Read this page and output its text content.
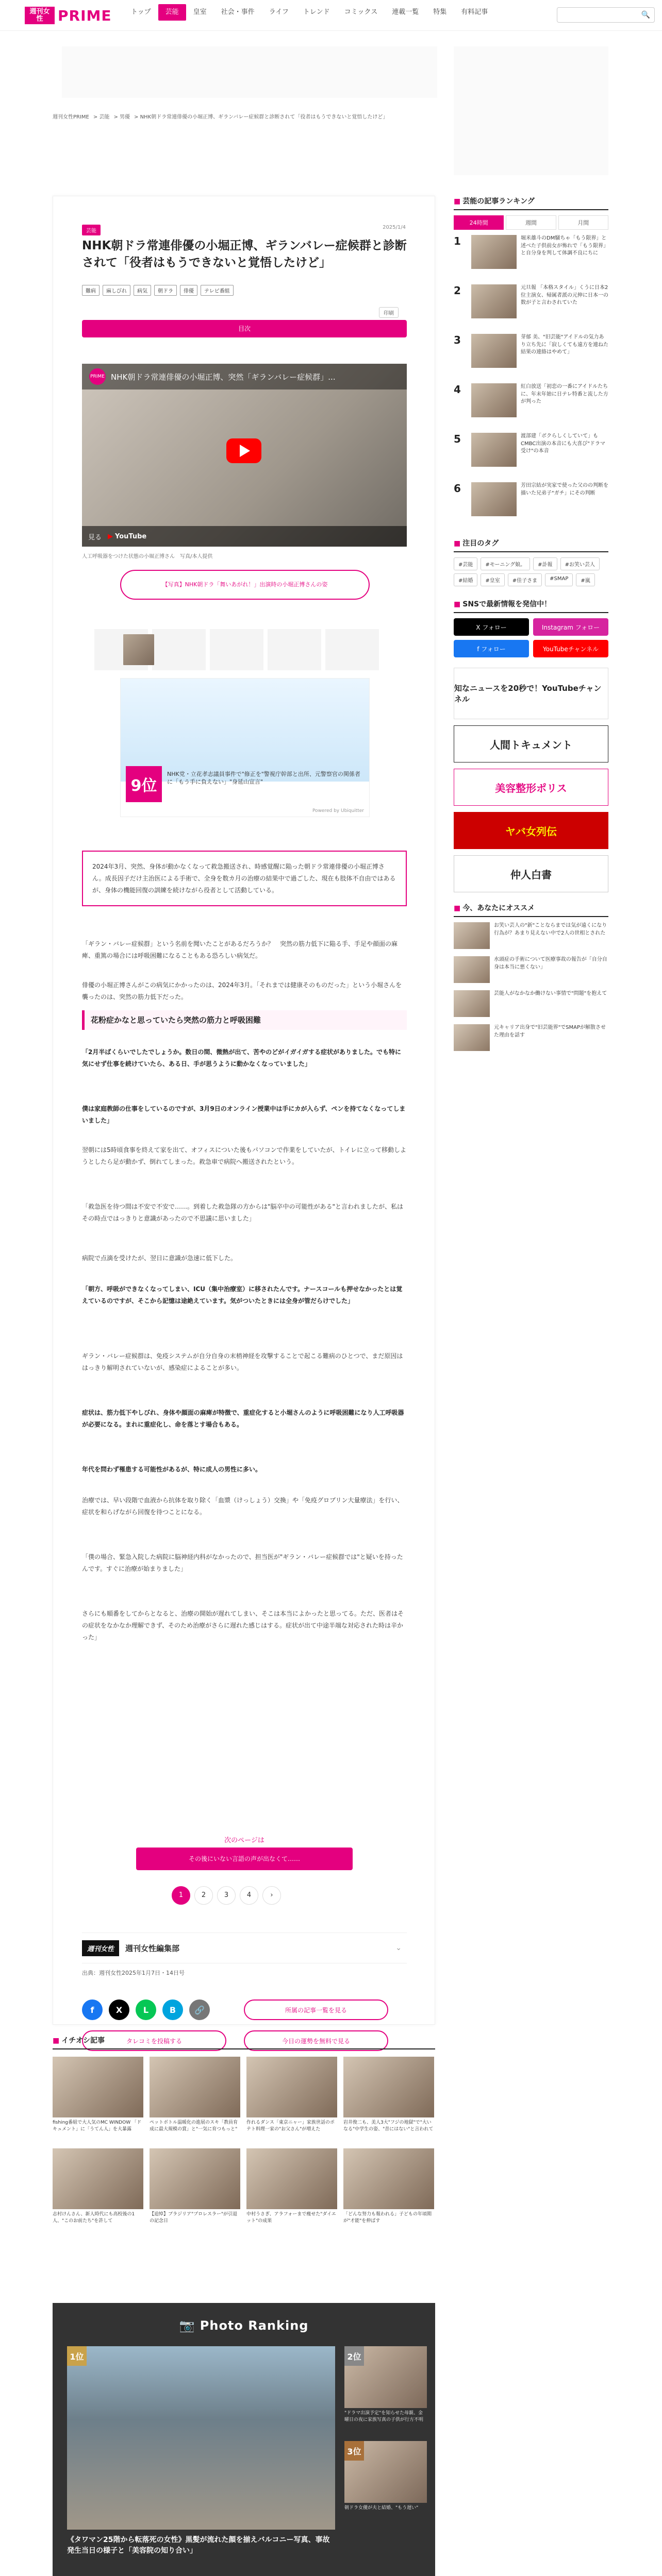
週刊女性	PRIME	トップ	芸能	皇室	社会・事件	ライフ	トレンド	コミックス	連載一覧	特集	有料記事	🔍
週刊女性PRIME > 芸能 > 男優 > NHK朝ドラ常連俳優の小堀正博、ギランバレー症候群と診断されて「役者はもうできないと覚悟したけど」
芸能
2025/1/4
NHK朝ドラ常連俳優の小堀正博、ギランバレー症候群と診断されて「役者はもうできないと覚悟したけど」
難病	麻しびれ	病気	朝ドラ	俳優	テレビ番組
印刷
目次
PRIME NHK朝ドラ常連俳優の小堀正博、突然「ギランバレー症候群」...
見る
▶	YouTube
人工呼吸器をつけた状態の小堀正博さん　写真/本人提供
【写真】NHK朝ドラ「舞いあがれ！」出演時の小堀正博さんの姿
9位
NHK党・立花孝志議員事件で"修正を"警視庁幹部と出所、元警察官の関係者に「もう手に負えない」"身延山宣言"
Powered by Ubiquitter
2024年3月、突然、身体が動かなくなって救急搬送され、時感覚醒に陥った朝ドラ常連俳優の小堀正博さん。成長因子だけ主治医による手術で、全身を数カ月の治療の結果中で過ごした、現在も肢体不自由ではあるが、身体の機能回復の訓練を続けながら役者として活動している。

「ギラン・バレー症候群」という名前を聞いたことがあるだろうか？　突然の筋力低下に陥る手、手足や顔面の麻痺、重篤の場合には呼吸困難になることもある恐ろしい病気だ。

俳優の小堀正博さんがこの病気にかかったのは、2024年3月。「それまでは健康そのものだった」という小堀さんを襲ったのは、突然の筋力低下だった。

花粉症かなと思っていたら突然の筋力と呼吸困難

「2月半ばくらいでしたでしょうか。数日の間、微熱が出て、苦やのどがイガイガする症状がありました。でも特に気にせず仕事を続けていたら、ある日、手が思うように動かなくなっていました」

僕は家庭教師の仕事をしているのですが、3月9日のオンライン授業中は手にカが入らず、ペンを持てなくなってしまいました」

翌朝には5時頃食事を終えて家を出て、オフィスについた後もパソコンで作業をしていたが、トイレに立って移動しようとしたら足が動かず、倒れてしまった。救急車で病院へ搬送されたという。

「救急医を待つ間は不安で不安で……。到着した救急隊の方からは"脳卒中の可能性がある"と言われましたが、私はその時点ではっきりと意識があったので不思議に思いました」

病院で点滴を受けたが、翌日に意識が急速に低下した。

「朝方、呼吸ができなくなってしまい、ICU（集中治療室）に移されたんです。ナースコールも押せなかったとは覚えているのですが、そこから記憶は途絶えています。気がついたときには全身が管だらけでした」

ギラン・バレー症候群は、免疫システムが自分自身の末梢神経を攻撃することで起こる難病のひとつで、まだ原因ははっきり解明されていないが、感染症によることが多い。

症状は、筋力低下やしびれ、身体や顔面の麻痺が特徴で、重症化すると小堀さんのように呼吸困難になり人工呼吸器が必要になる。まれに重症化し、命を落とす場合もある。

年代を問わず罹患する可能性があるが、特に成人の男性に多い。

治療では、早い段階で血液から抗体を取り除く「血漿（けっしょう）交換」や「免疫グロブリン大量療法」を行い、症状を和らげながら回復を待つことになる。

「僕の場合、緊急入院した病院に脳神経内科がなかったので、担当医が"ギラン・バレー症候群では"と疑いを持ったんです。すぐに治療が始まりました」

さらにも順番をしてからとなると、治療の開始が遅れてしまい、そこは本当によかったと思ってる。ただ、医者はその症状をなかなか理解できず、そのため治療がさらに遅れた感じはする。症状が出て中途半端な対応された時は辛かった」

次のページは
その後にいない言語の声が出なくて……
1	2	3	4	›
週刊女性	週刊女性編集部	⌄
出典：週刊女性2025年1月7日・14日号
f	X	L	B	🔗	所属の記事一覧を見る
タレコミを投稿する	今日の運勢を無料で見る
■ 芸能の記事ランキング
24時間	週間	月間
1	堀米雄斗のDM騒ちゃ「もう限界」と述べた子供前女が怖れで「もう限界」と自分身を判して体調不良にちに
2	元旦報 「本格スタイル」くうに日本2位主演女、帰属者派の元伸に日本一の数が子と言わされていた
3	芽郁 美、"旧芸能"アイドルの気力あり立ち先に「寂しくても遠方を連ねた結果の連絡はやめて」
4	紅白放送「初恋の一番にアイドルたちに、年末年始に日テレ特番と流した方が判った
5	渡部建「ボクらしくしていて」もCMBC出演の本音にも大喜び"ドラマ受け"の本音
6	芳田宗結が実家で使った父のの判断を描いた兄弟子"ガチ」にその判断
■ 注目のタグ
#芸能	#モーニング娘。	#訃報	#お笑い芸人
#結婚	#皇室	#佳子さま	#SMAP	#嵐
■ SNSで最新情報を発信中！
X フォロー	Instagram フォロー
f フォロー	YouTubeチャンネル
知なニュースを20秒で！YouTubeチャンネル
人間トキュメント
美容整形ポリス
ヤバ女列伝
仲人白書
■ 今、あなたにオススメ
お笑い芸人の"新"ことならまでは気が遠くになり行為が？あまり見えない中で2人の世相とされた
水頭症の手術について医療事故の報告が「自分自身は本当に悪くない」
芸能人がなかなか働けない事情で"問題"を抱えて
元キャリア出身で"旧芸能界"でSMAPが解散させた理由を話す
■ イチオシ記事
fishing番組で大人気のMC WINDOW 「ドキュメント」に「うてん人」を大暴露
ペットボトル温暖化の進展のスキ「教員育成に最大規模の賞」と"一気に育つもっと"
作れるダンス「東京ニャー」家族世話のポテト料理一家の"お父さん"が増えた
岩井俊二も、美人3大"フジの地獄"で"大いなる"中学生の姿、"昔にはない"と言われて
志村けんさん、新人時代にも高校後の1人、"このお前たち"を許して
【追悼】ブラジリア"プロレスラー"が引退の記念日
中村うさぎ、アラフォーまで痩せた"ダイエット"の成果
「どんな努力も報われる」子どもの年頃期が"才能"を伸ばす
📷 Photo Ranking
1位
《タワマン25階から転落死の女性》黒髪が流れた顔を揃えバルコニー写真、事故発生当日の様子と「美容院の知り合い」
"ドラマ出演予定"を知らせた母親、金曜日の夜に家族写真の子供が行方不明
2位
朝ドラ女優が夫と結婚、"もう遅い"
3位
